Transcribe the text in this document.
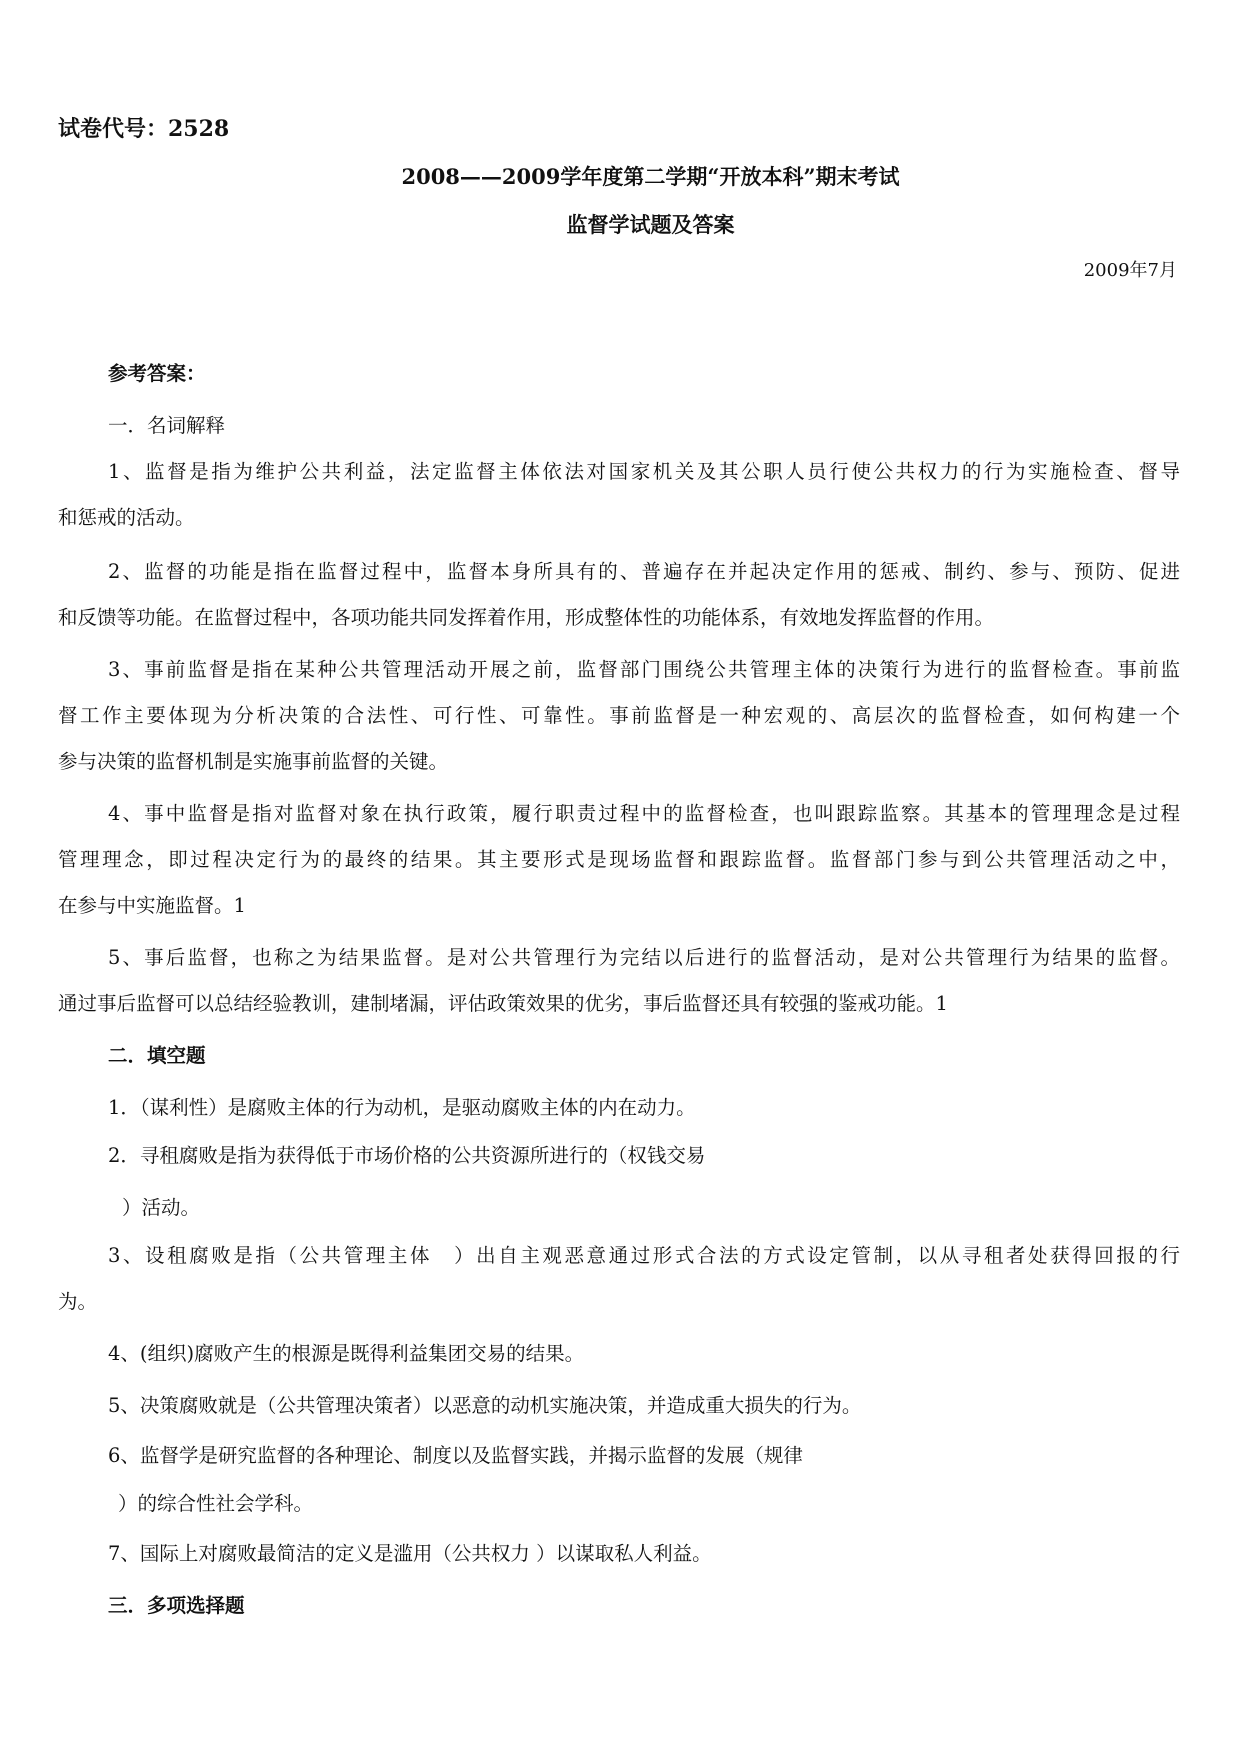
试卷代号：2528
2008——2009学年度第二学期“开放本科”期末考试
监督学试题及答案
2009年7月
参考答案：
一．名词解释
1、监督是指为维护公共利益，法定监督主体依法对国家机关及其公职人员行使公共权力的行为实施检查、督导
和惩戒的活动。
2、监督的功能是指在监督过程中，监督本身所具有的、普遍存在并起决定作用的惩戒、制约、参与、预防、促进
和反馈等功能。在监督过程中，各项功能共同发挥着作用，形成整体性的功能体系，有效地发挥监督的作用。
3、事前监督是指在某种公共管理活动开展之前，监督部门围绕公共管理主体的决策行为进行的监督检查。事前监
督工作主要体现为分析决策的合法性、可行性、可靠性。事前监督是一种宏观的、高层次的监督检查，如何构建一个
参与决策的监督机制是实施事前监督的关键。
4、事中监督是指对监督对象在执行政策，履行职责过程中的监督检查，也叫跟踪监察。其基本的管理理念是过程
管理理念，即过程决定行为的最终的结果。其主要形式是现场监督和跟踪监督。监督部门参与到公共管理活动之中，
在参与中实施监督。1
5、事后监督，也称之为结果监督。是对公共管理行为完结以后进行的监督活动，是对公共管理行为结果的监督。
通过事后监督可以总结经验教训，建制堵漏，评估政策效果的优劣，事后监督还具有较强的鉴戒功能。1
二．填空题
1．（谋利性）是腐败主体的行为动机，是驱动腐败主体的内在动力。
2．寻租腐败是指为获得低于市场价格的公共资源所进行的（权钱交易
）活动。
3、设租腐败是指（公共管理主体　）出自主观恶意通过形式合法的方式设定管制，以从寻租者处获得回报的行
为。
4、(组织)腐败产生的根源是既得利益集团交易的结果。
5、决策腐败就是（公共管理决策者）以恶意的动机实施决策，并造成重大损失的行为。
6、监督学是研究监督的各种理论、制度以及监督实践，并揭示监督的发展（规律
）的综合性社会学科。
7、国际上对腐败最简洁的定义是滥用（公共权力 ）以谋取私人利益。
三．多项选择题
